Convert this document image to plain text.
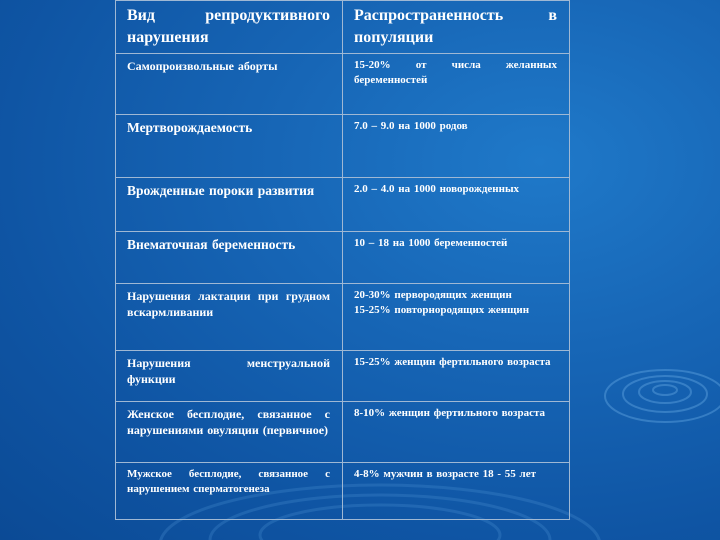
Вид репродуктивного нарушения	Распространенность в популяции
Самопроизвольные аборты	15-20% от числа желанных беременностей
Мертворождаемость	7.0 – 9.0 на 1000 родов
Врожденные пороки развития	2.0 – 4.0 на 1000 новорожденных
Внематочная беременность	10 – 18 на 1000 беременностей
Нарушения лактации при грудном вскармливании	20-30% первородящих женщин
15-25% повторнородящих женщин

Нарушения менструальной функции	15-25% женщин фертильного возраста
Женское бесплодие, связанное с нарушениями овуляции (первичное)	8-10% женщин фертильного возраста
Мужское бесплодие, связанное с нарушением сперматогенеза	4-8% мужчин в возрасте 18 - 55 лет
